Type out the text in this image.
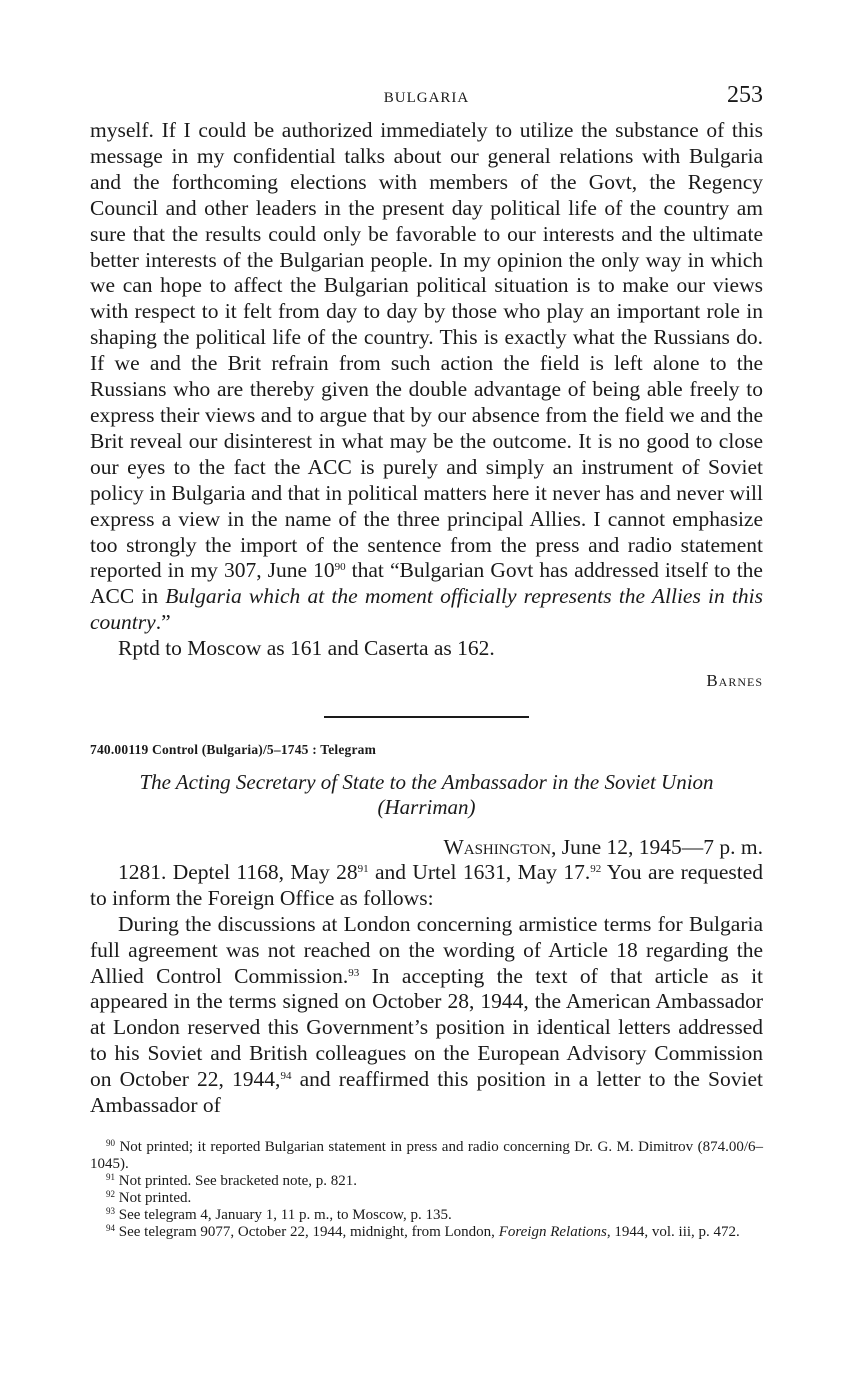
BULGARIA	253

myself. If I could be authorized immediately to utilize the substance of this message in my confidential talks about our general relations with Bulgaria and the forthcoming elections with members of the Govt, the Regency Council and other leaders in the present day political life of the country am sure that the results could only be favorable to our interests and the ultimate better interests of the Bulgarian people. In my opinion the only way in which we can hope to affect the Bulgarian political situation is to make our views with respect to it felt from day to day by those who play an important role in shaping the political life of the country. This is exactly what the Russians do. If we and the Brit refrain from such action the field is left alone to the Russians who are thereby given the double advantage of being able freely to express their views and to argue that by our absence from the field we and the Brit reveal our disinterest in what may be the outcome. It is no good to close our eyes to the fact the ACC is purely and simply an instrument of Soviet policy in Bulgaria and that in political matters here it never has and never will express a view in the name of the three principal Allies. I cannot emphasize too strongly the import of the sentence from the press and radio statement reported in my 307, June $10^{90}$ that “Bulgarian Govt has addressed itself to the ACC in Bulgaria which at the moment officially represents the Allies in this country.”

Rptd to Moscow as 161 and Caserta as 162.

Barnes
740.00119 Control (Bulgaria)/5–1745 : Telegram
The Acting Secretary of State to the Ambassador in the Soviet Union
(Harriman)
Washington, June 12, 1945—7 p. m.

1281. Deptel 1168, May $28^{91}$ and Urtel 1631, May 17.92 You are requested to inform the Foreign Office as follows:

During the discussions at London concerning armistice terms for Bulgaria full agreement was not reached on the wording of Article 18 regarding the Allied Control Commission.$^{93}$ In accepting the text of that article as it appeared in the terms signed on October 28, 1944, the American Ambassador at London reserved this Government’s position in identical letters addressed to his Soviet and British colleagues on the European Advisory Commission on October 22, 1944,94 and reaffirmed this position in a letter to the Soviet Ambassador of

$^{90}$ Not printed; it reported Bulgarian statement in press and radio concerning Dr. G. M. Dimitrov (874.00/6–1045).

$^{91}$ Not printed. See bracketed note, p. 821.

$^{92}$ Not printed.

$^{93}$ See telegram 4, January 1, 11 p. m., to Moscow, p. 135.

$^{94}$ See telegram 9077, October 22, 1944, midnight, from London, Foreign Relations, 1944, vol. iii, p. 472.
